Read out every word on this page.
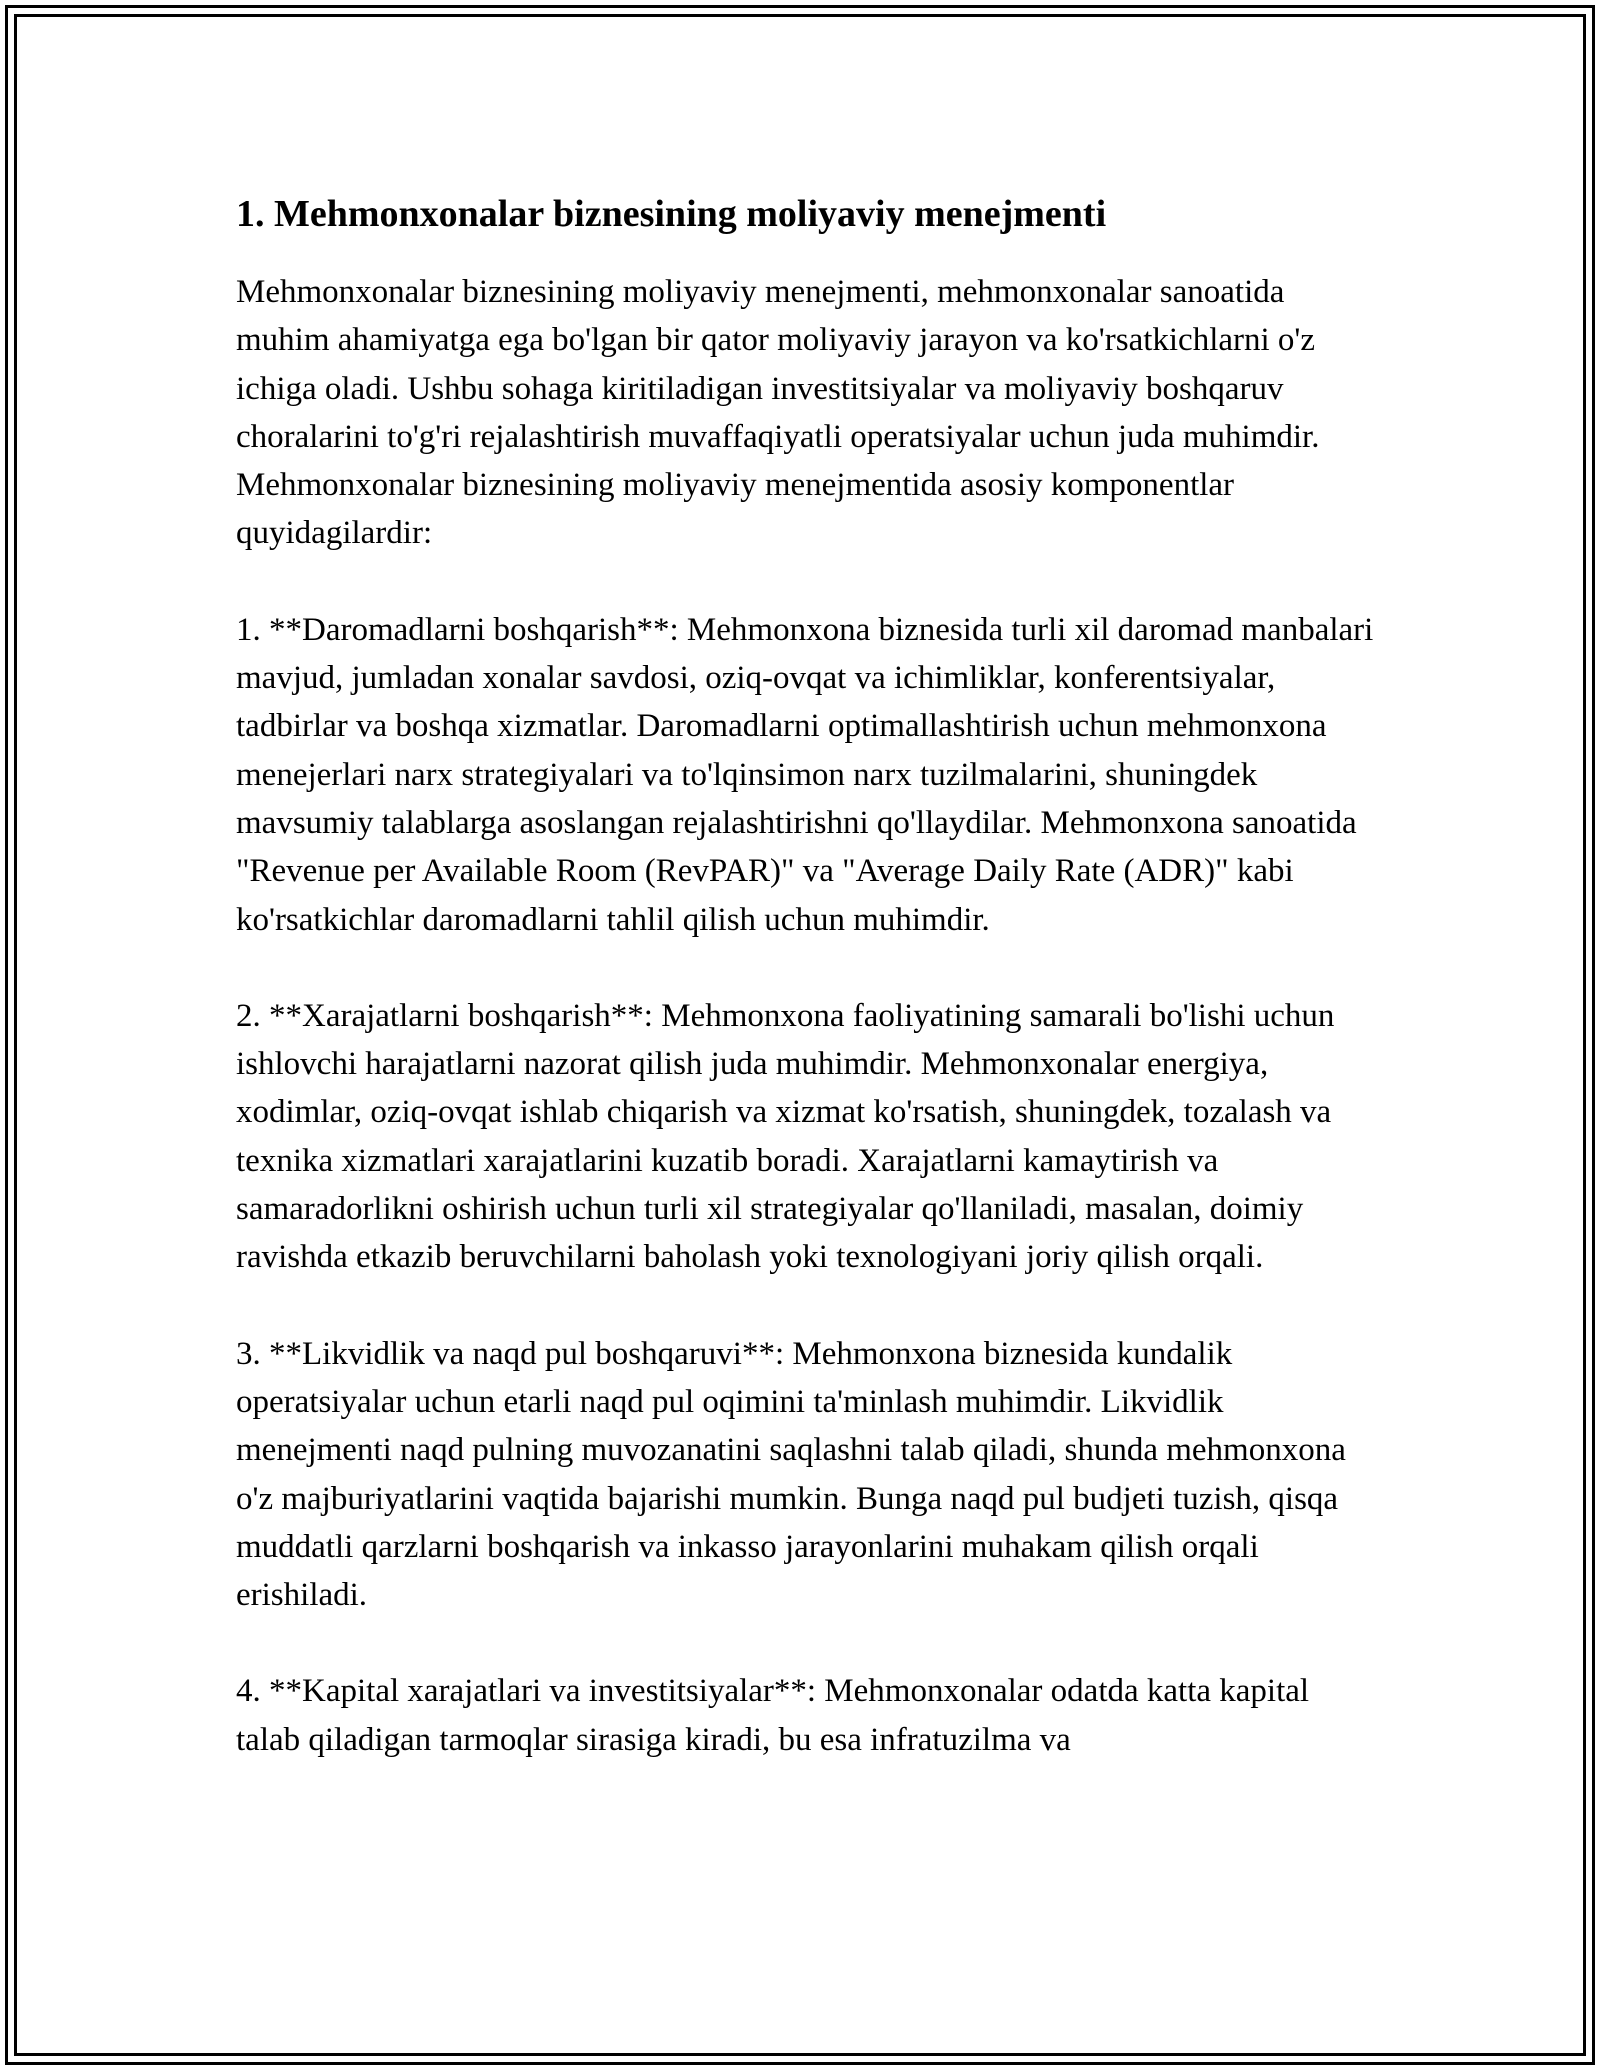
1. Mehmonxonalar biznesining moliyaviy menejmenti

Mehmonxonalar biznesining moliyaviy menejmenti, mehmonxonalar sanoatida muhim ahamiyatga ega bo'lgan bir qator moliyaviy jarayon va ko'rsatkichlarni o'z ichiga oladi. Ushbu sohaga kiritiladigan investitsiyalar va moliyaviy boshqaruv choralarini to'g'ri rejalashtirish muvaffaqiyatli operatsiyalar uchun juda muhimdir. Mehmonxonalar biznesining moliyaviy menejmentida asosiy komponentlar quyidagilardir:

1. **Daromadlarni boshqarish**: Mehmonxona biznesida turli xil daromad manbalari mavjud, jumladan xonalar savdosi, oziq-ovqat va ichimliklar, konferentsiyalar, tadbirlar va boshqa xizmatlar. Daromadlarni optimallashtirish uchun mehmonxona menejerlari narx strategiyalari va to'lqinsimon narx tuzilmalarini, shuningdek mavsumiy talablarga asoslangan rejalashtirishni qo'llaydilar. Mehmonxona sanoatida "Revenue per Available Room (RevPAR)" va "Average Daily Rate (ADR)" kabi ko'rsatkichlar daromadlarni tahlil qilish uchun muhimdir.

2. **Xarajatlarni boshqarish**: Mehmonxona faoliyatining samarali bo'lishi uchun ishlovchi harajatlarni nazorat qilish juda muhimdir. Mehmonxonalar energiya, xodimlar, oziq-ovqat ishlab chiqarish va xizmat ko'rsatish, shuningdek, tozalash va texnika xizmatlari xarajatlarini kuzatib boradi. Xarajatlarni kamaytirish va samaradorlikni oshirish uchun turli xil strategiyalar qo'llaniladi, masalan, doimiy ravishda etkazib beruvchilarni baholash yoki texnologiyani joriy qilish orqali.

3. **Likvidlik va naqd pul boshqaruvi**: Mehmonxona biznesida kundalik operatsiyalar uchun etarli naqd pul oqimini ta'minlash muhimdir. Likvidlik menejmenti naqd pulning muvozanatini saqlashni talab qiladi, shunda mehmonxona o'z majburiyatlarini vaqtida bajarishi mumkin. Bunga naqd pul budjeti tuzish, qisqa muddatli qarzlarni boshqarish va inkasso jarayonlarini muhakam qilish orqali erishiladi.

4. **Kapital xarajatlari va investitsiyalar**: Mehmonxonalar odatda katta kapital talab qiladigan tarmoqlar sirasiga kiradi, bu esa infratuzilma va
